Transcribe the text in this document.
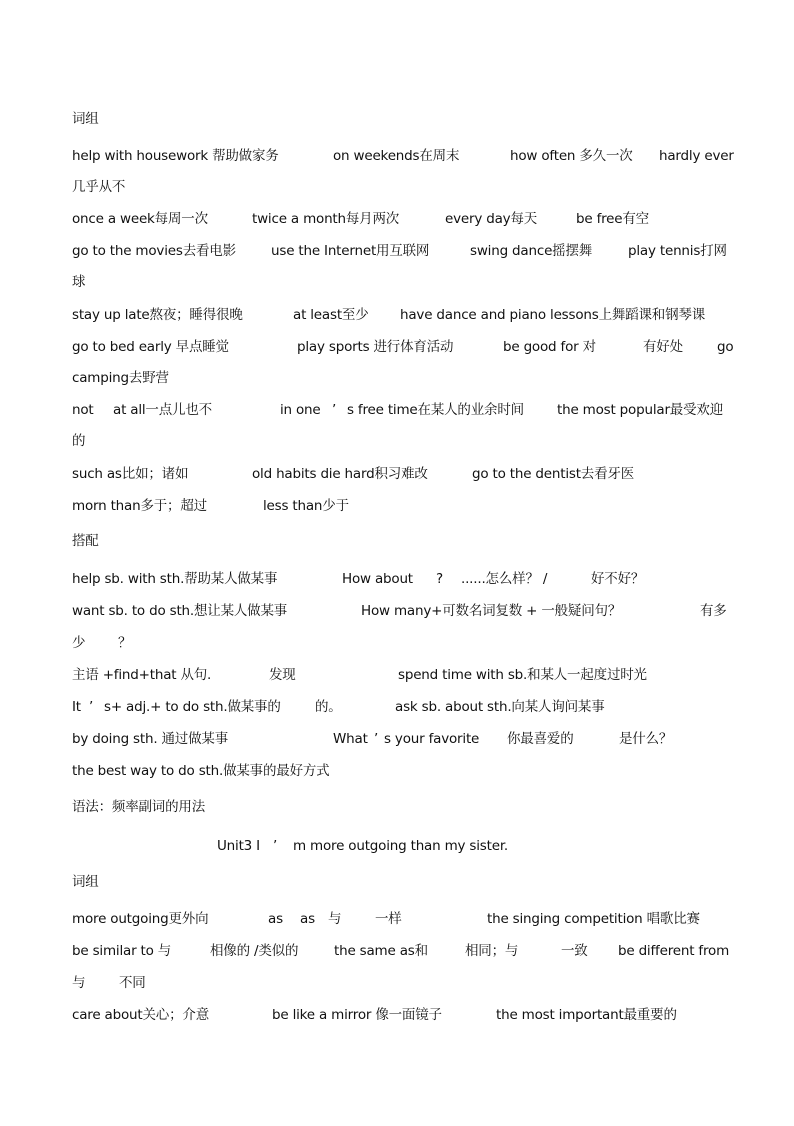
词组
help with housework 帮助做家务	on weekends在周末	how often 多久一次 hardly ever
几乎从不
once a week每周一次	twice a month每月两次	every day每天	be free有空
go to the movies去看电影	use the Internet用互联网	swing dance摇摆舞	play tennis打网
球
stay up late熬夜；睡得很晚	at least至少 have dance and piano lessons上舞蹈课和钢琴课
go to bed early 早点睡觉	play sports 进行体育活动	be good for 对	有好处	go
camping去野营
not at all一点儿也不	in one ’ s free time在某人的业余时间 the most popular最受欢迎
的
such as比如；诸如	old habits die hard积习难改	go to the dentist去看牙医
morn than多于；超过	less than少于
搭配
help sb. with sth.帮助某人做某事	How about ? ......怎么样？ /	好不好？
want sb. to do sth.想让某人做某事	How many+可数名词复数 + 一般疑问句？	有多
少 ？
主语 +find+that 从句.	发现	spend time with sb.和某人一起度过时光
It ’ s+ adj.+ to do sth.做某事的	的。	ask sb. about sth.向某人询问某事
by doing sth. 通过做某事	What ’ s your favorite 你最喜爱的	是什么？
the best way to do sth.做某事的最好方式
语法：频率副词的用法
Unit3 I ’ m more outgoing than my sister.
词组
more outgoing更外向	as as 与 一样	the singing competition 唱歌比赛
be similar to 与	相像的 /类似的	the same as和	相同；与	一致 be different from
与 不同
care about关心；介意	be like a mirror 像一面镜子	the most important最重要的
